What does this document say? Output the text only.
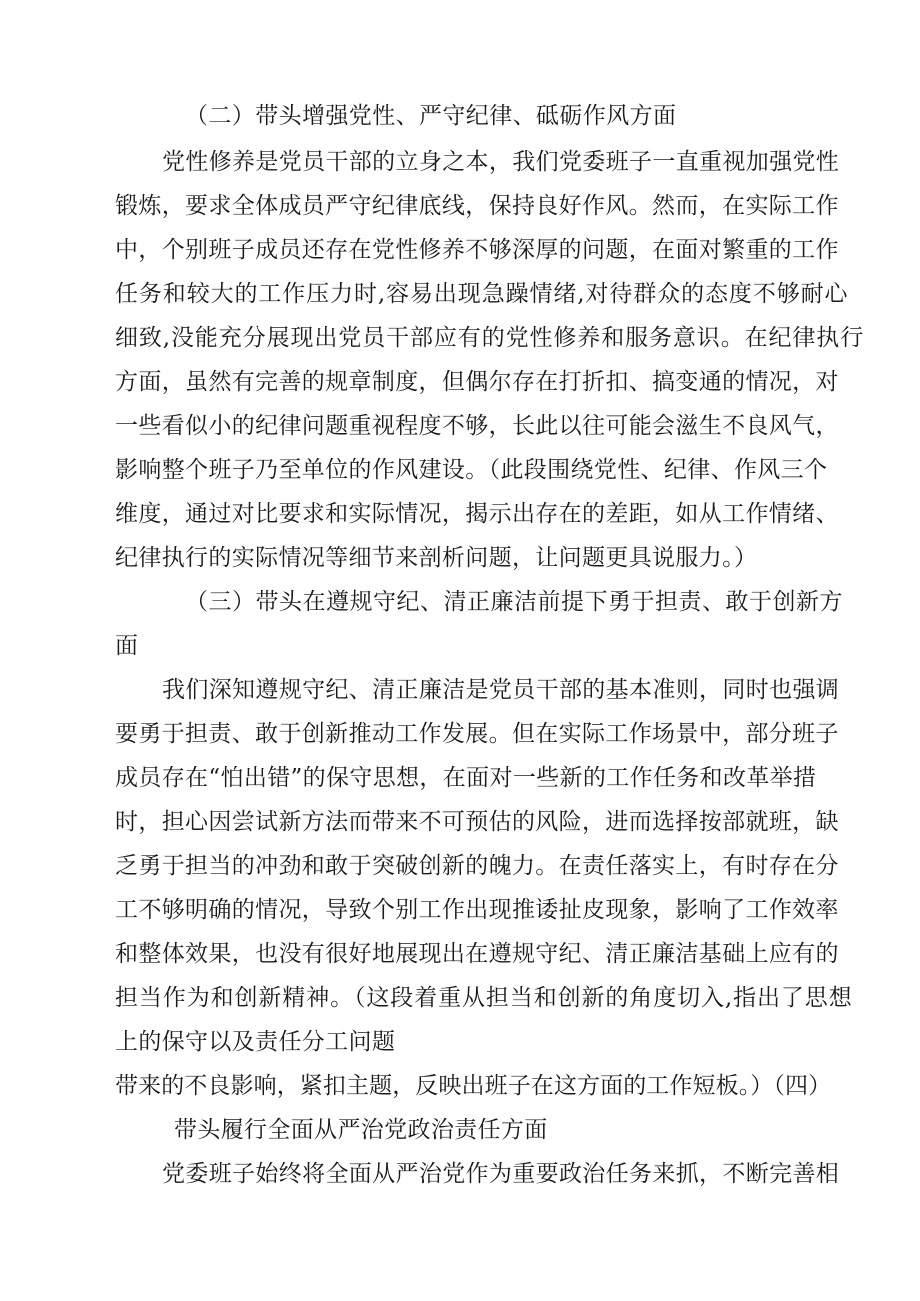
（二）带头增强党性、严守纪律、砥砺作风方面

党性修养是党员干部的立身之本，我们党委班子一直重视加强党性

锻炼，要求全体成员严守纪律底线，保持良好作风。然而，在实际工作

中，个别班子成员还存在党性修养不够深厚的问题，在面对繁重的工作

任务和较大的工作压力时,容易出现急躁情绪,对待群众的态度不够耐心

细致,没能充分展现出党员干部应有的党性修养和服务意识。在纪律执行

方面，虽然有完善的规章制度，但偶尔存在打折扣、搞变通的情况，对

一些看似小的纪律问题重视程度不够，长此以往可能会滋生不良风气，

影响整个班子乃至单位的作风建设。（此段围绕党性、纪律、作风三个

维度，通过对比要求和实际情况，揭示出存在的差距，如从工作情绪、

纪律执行的实际情况等细节来剖析问题，让问题更具说服力。）

（三）带头在遵规守纪、清正廉洁前提下勇于担责、敢于创新方

面

我们深知遵规守纪、清正廉洁是党员干部的基本准则，同时也强调

要勇于担责、敢于创新推动工作发展。但在实际工作场景中，部分班子

成员存在“怕出错”的保守思想，在面对一些新的工作任务和改革举措

时，担心因尝试新方法而带来不可预估的风险，进而选择按部就班，缺

乏勇于担当的冲劲和敢于突破创新的魄力。在责任落实上，有时存在分

工不够明确的情况，导致个别工作出现推诿扯皮现象，影响了工作效率

和整体效果，也没有很好地展现出在遵规守纪、清正廉洁基础上应有的

担当作为和创新精神。（这段着重从担当和创新的角度切入,指出了思想

上的保守以及责任分工问题

带来的不良影响，紧扣主题，反映出班子在这方面的工作短板。）（四）

带头履行全面从严治党政治责任方面

党委班子始终将全面从严治党作为重要政治任务来抓，不断完善相
